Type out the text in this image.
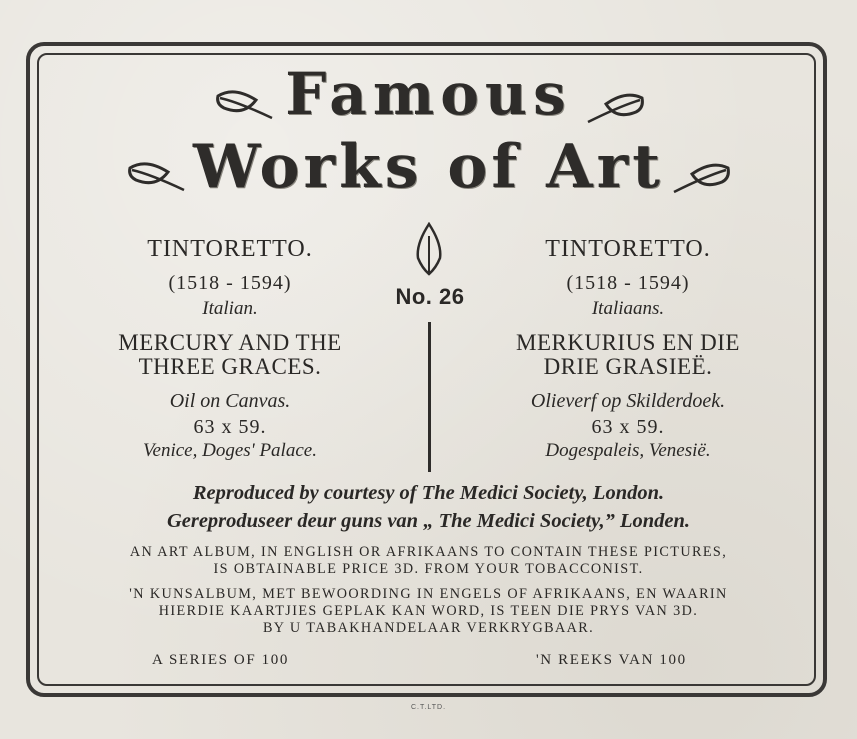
Famous
Works of Art
TINTORETTO.
(1518 - 1594)
Italian.
MERCURY AND THE
THREE GRACES.
Oil on Canvas.
63 x 59.
Venice, Doges' Palace.
No. 26
TINTORETTO.
(1518 - 1594)
Italiaans.
MERKURIUS EN DIE
DRIE GRASIEË.
Olieverf op Skilderdoek.
63 x 59.
Dogespaleis, Venesië.
Reproduced by courtesy of The Medici Society, London.
Gereproduseer deur guns van „ The Medici Society,” Londen.
AN ART ALBUM, IN ENGLISH OR AFRIKAANS TO CONTAIN THESE PICTURES,
IS OBTAINABLE PRICE 3D. FROM YOUR TOBACCONIST.
'N KUNSALBUM, MET BEWOORDING IN ENGELS OF AFRIKAANS, EN WAARIN
HIERDIE KAARTJIES GEPLAK KAN WORD, IS TEEN DIE PRYS VAN 3D.
BY U TABAKHANDELAAR VERKRYGBAAR.
A SERIES OF 100	'N REEKS VAN 100
C.T.LTD.
